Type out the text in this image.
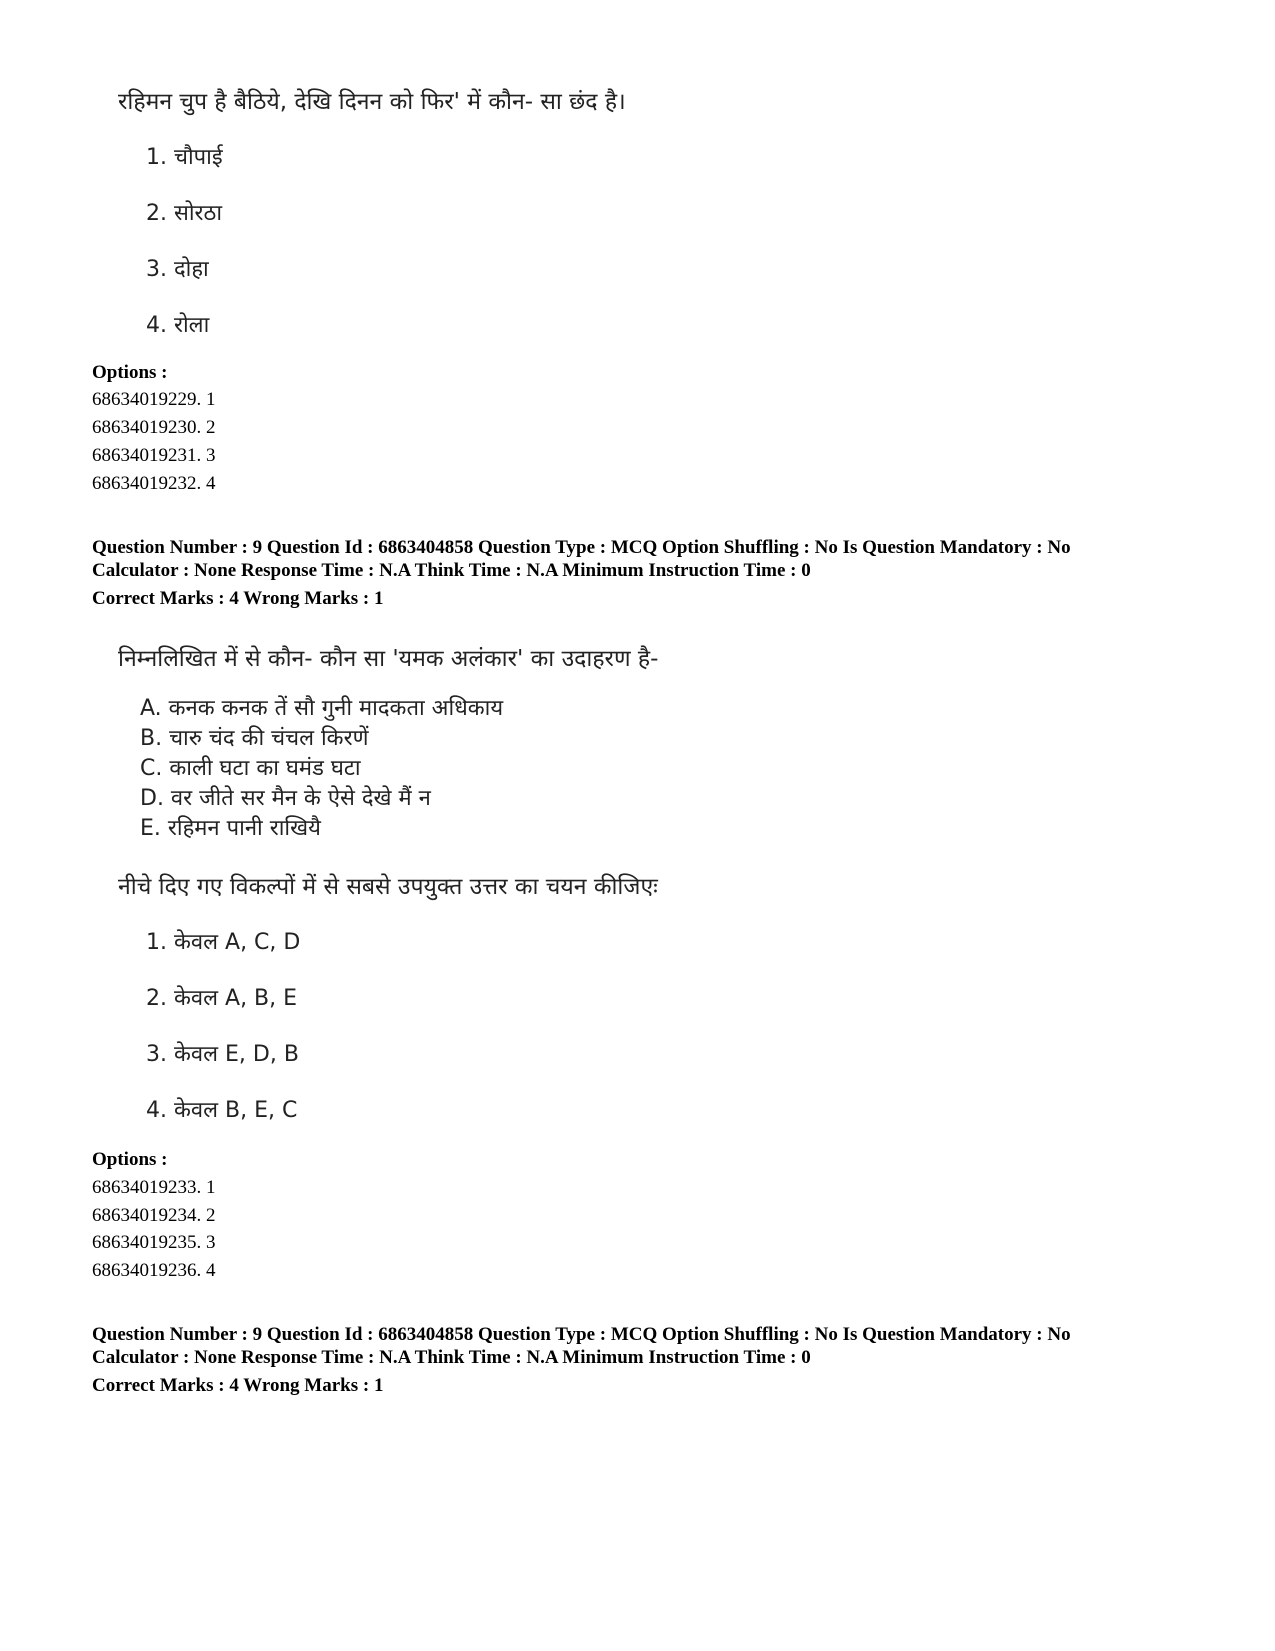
रहिमन चुप है बैठिये, देखि दिनन को फिर' में कौन- सा छंद है।
1. चौपाई
2. सोरठा
3. दोहा
4. रोला
Options :
68634019229. 1
68634019230. 2
68634019231. 3
68634019232. 4
Question Number : 9 Question Id : 6863404858 Question Type : MCQ Option Shuffling : No Is Question Mandatory : No
Calculator : None Response Time : N.A Think Time : N.A Minimum Instruction Time : 0
Correct Marks : 4 Wrong Marks : 1
निम्नलिखित में से कौन- कौन सा 'यमक अलंकार' का उदाहरण है-
A. कनक कनक तें सौ गुनी मादकता अधिकाय
B. चारु चंद की चंचल किरणें
C. काली घटा का घमंड घटा
D. वर जीते सर मैन के ऐसे देखे मैं न
E. रहिमन पानी राखियै
नीचे दिए गए विकल्पों में से सबसे उपयुक्त उत्तर का चयन कीजिएः
1. केवल A, C, D
2. केवल A, B, E
3. केवल E, D, B
4. केवल B, E, C
Options :
68634019233. 1
68634019234. 2
68634019235. 3
68634019236. 4
Question Number : 9 Question Id : 6863404858 Question Type : MCQ Option Shuffling : No Is Question Mandatory : No
Calculator : None Response Time : N.A Think Time : N.A Minimum Instruction Time : 0
Correct Marks : 4 Wrong Marks : 1
